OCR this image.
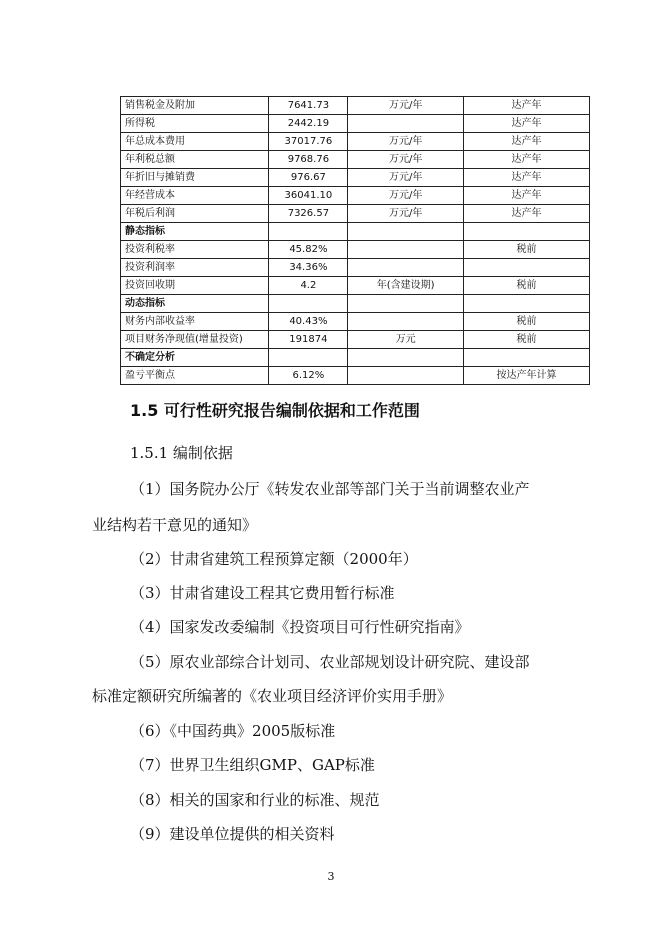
销售税金及附加	7641.73	万元/年	达产年
所得税	2442.19		达产年
年总成本费用	37017.76	万元/年	达产年
年利税总额	9768.76	万元/年	达产年
年折旧与摊销费	976.67	万元/年	达产年
年经营成本	36041.10	万元/年	达产年
年税后利润	7326.57	万元/年	达产年
静态指标			
投资利税率	45.82%		税前
投资利润率	34.36%		
投资回收期	4.2	年(含建设期)	税前
动态指标			
财务内部收益率	40.43%		税前
项目财务净现值(增量投资)	191874	万元	税前
不确定分析			
盈亏平衡点	6.12%		按达产年计算
1.5 可行性研究报告编制依据和工作范围
1.5.1 编制依据
（1）国务院办公厅《转发农业部等部门关于当前调整农业产
业结构若干意见的通知》
（2）甘肃省建筑工程预算定额（2000年）
（3）甘肃省建设工程其它费用暂行标准
（4）国家发改委编制《投资项目可行性研究指南》
（5）原农业部综合计划司、农业部规划设计研究院、建设部
标准定额研究所编著的《农业项目经济评价实用手册》
（6）《中国药典》2005版标准
（7）世界卫生组织GMP、GAP标准
（8）相关的国家和行业的标准、规范
（9）建设单位提供的相关资料
3
